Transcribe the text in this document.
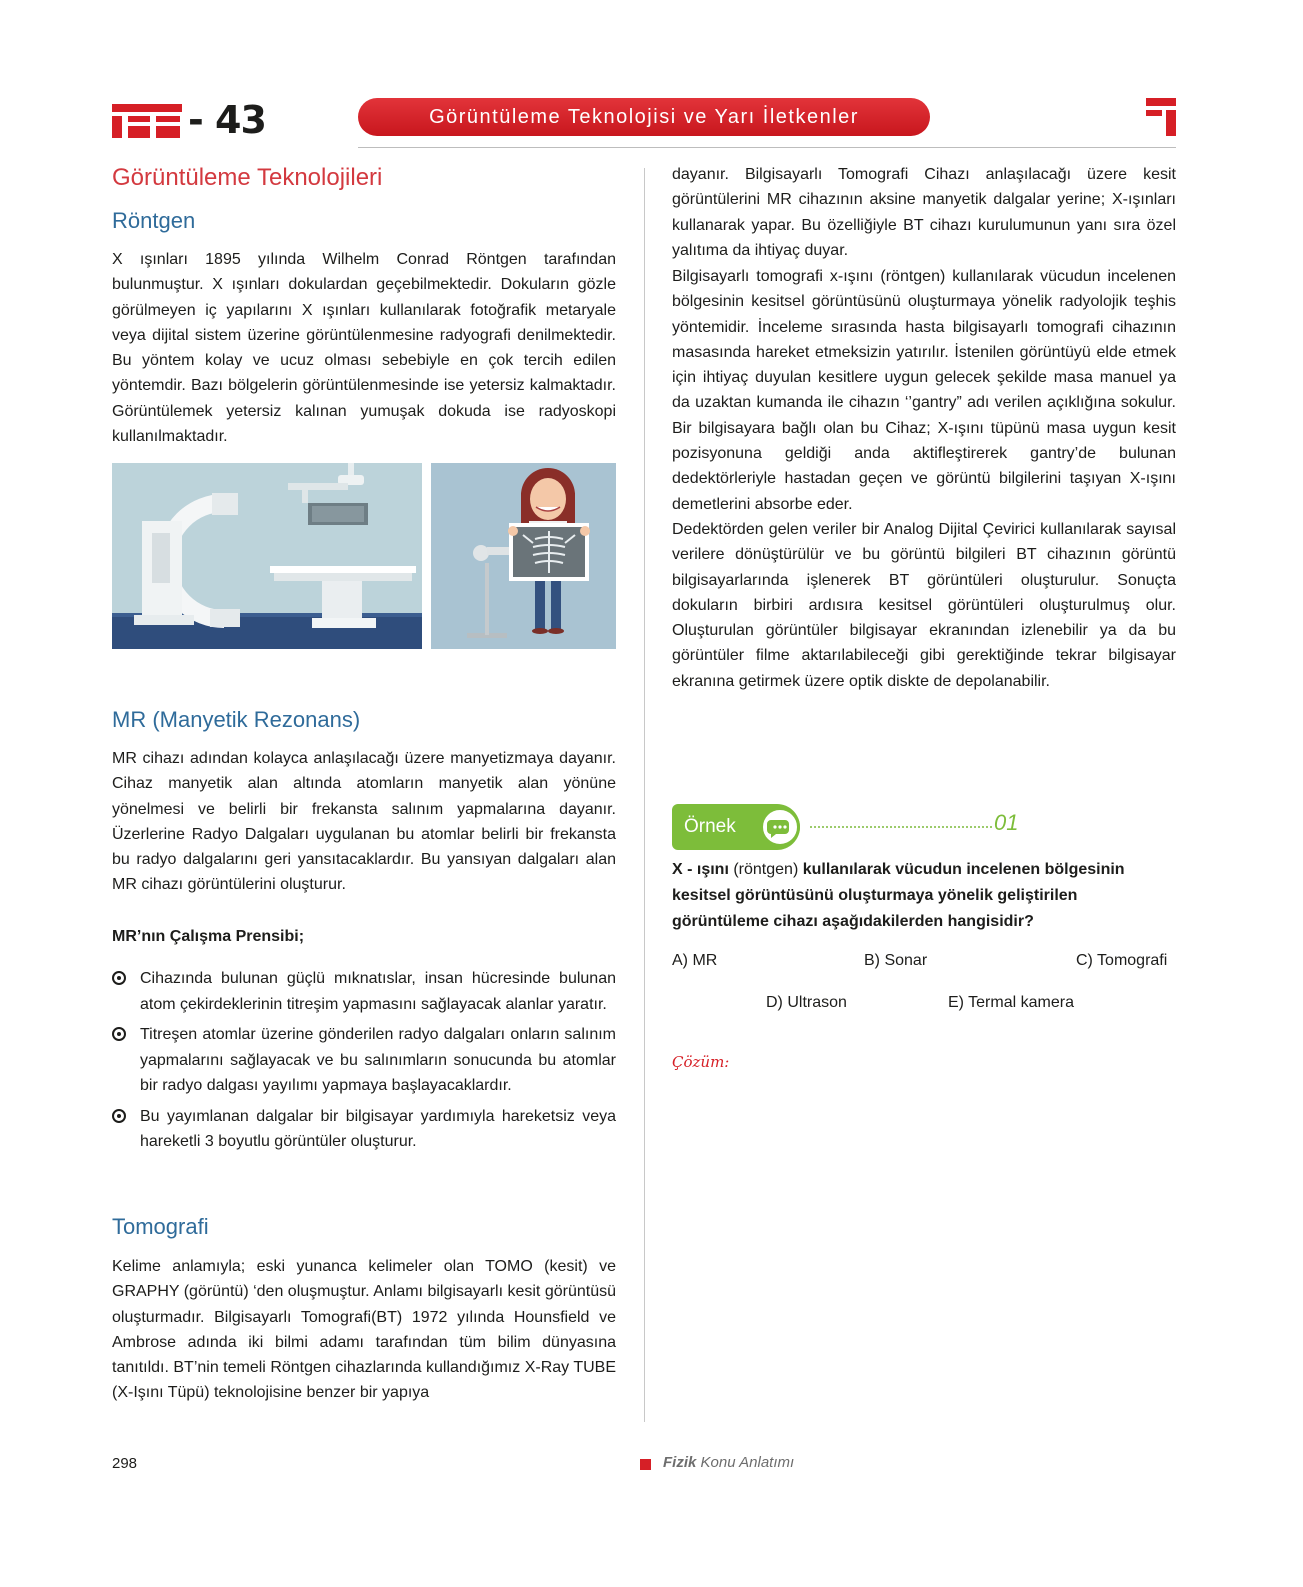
- 43	Görüntüleme Teknolojisi ve Yarı İletkenler
Görüntüleme Teknolojileri
Röntgen

X ışınları 1895 yılında Wilhelm Conrad Röntgen tarafından bulunmuştur. X ışınları dokulardan geçebilmektedir. Dokuların gözle görülmeyen iç yapılarını X ışınları kullanılarak fotoğrafik metaryale veya dijital sistem üzerine görüntülenmesine radyografi denilmektedir. Bu yöntem kolay ve ucuz olması sebebiyle en çok tercih edilen yöntemdir. Bazı bölgelerin görüntülenmesinde ise yetersiz kalmaktadır. Görüntülemek yetersiz kalınan yumuşak dokuda ise radyoskopi kullanılmaktadır.

MR (Manyetik Rezonans)

MR cihazı adından kolayca anlaşılacağı üzere manyetizmaya dayanır. Cihaz manyetik alan altında atomların manyetik alan yönüne yönelmesi ve belirli bir frekansta salınım yapmalarına dayanır. Üzerlerine Radyo Dalgaları uygulanan bu atomlar belirli bir frekansta bu radyo dalgalarını geri yansıtacaklardır. Bu yansıyan dalgaları alan MR cihazı görüntülerini oluşturur.

MR’nın Çalışma Prensibi;
Cihazında bulunan güçlü mıknatıslar, insan hücresinde bulunan atom çekirdeklerinin titreşim yapmasını sağlayacak alanlar yaratır.
Titreşen atomlar üzerine gönderilen radyo dalgaları onların salınım yapmalarını sağlayacak ve bu salınımların sonucunda bu atomlar bir radyo dalgası yayılımı yapmaya başlayacaklardır.
Bu yayımlanan dalgalar bir bilgisayar yardımıyla hareketsiz veya hareketli 3 boyutlu görüntüler oluşturur.
Tomografi

Kelime anlamıyla; eski yunanca kelimeler olan TOMO (kesit) ve GRAPHY (görüntü) ‘den oluşmuştur. Anlamı bilgisayarlı kesit görüntüsü oluşturmadır. Bilgisayarlı Tomografi(BT) 1972 yılında Hounsfield ve Ambrose adında iki bilmi adamı tarafından tüm bilim dünyasına tanıtıldı. BT’nin temeli Röntgen cihazlarında kullandığımız X-Ray TUBE (X-Işını Tüpü) teknolojisine benzer bir yapıya

dayanır. Bilgisayarlı Tomografi Cihazı anlaşılacağı üzere kesit görüntülerini MR cihazının aksine manyetik dalgalar yerine; X-ışınları kullanarak yapar. Bu özelliğiyle BT cihazı kurulumunun yanı sıra özel yalıtıma da ihtiyaç duyar.

Bilgisayarlı tomografi x-ışını (röntgen) kullanılarak vücudun incelenen bölgesinin kesitsel görüntüsünü oluşturmaya yönelik radyolojik teşhis yöntemidir. İnceleme sırasında hasta bilgisayarlı tomografi cihazının masasında hareket etmeksizin yatırılır. İstenilen görüntüyü elde etmek için ihtiyaç duyulan kesitlere uygun gelecek şekilde masa manuel ya da uzaktan kumanda ile cihazın ‘’gantry” adı verilen açıklığına sokulur. Bir bilgisayara bağlı olan bu Cihaz; X-ışını tüpünü masa uygun kesit pozisyonuna geldiği anda aktifleştirerek gantry’de bulunan dedektörleriyle hastadan geçen ve görüntü bilgilerini taşıyan X-ışını demetlerini absorbe eder.

Dedektörden gelen veriler bir Analog Dijital Çevirici kullanılarak sayısal verilere dönüştürülür ve bu görüntü bilgileri BT cihazının görüntü bilgisayarlarında işlenerek BT görüntüleri oluşturulur. Sonuçta dokuların birbiri ardısıra kesitsel görüntüleri oluşturulmuş olur. Oluşturulan görüntüler bilgisayar ekranından izlenebilir ya da bu görüntüler filme aktarılabileceği gibi gerektiğinde tekrar bilgisayar ekranına getirmek üzere optik diskte de depolanabilir.

Örnek	01
X - ışını (röntgen) kullanılarak vücudun incelenen bölgesinin kesitsel görüntüsünü oluşturmaya yönelik geliştirilen görüntüleme cihazı aşağıdakilerden hangisidir?
A) MR	B) Sonar	C) Tomografi
D) Ultrason	E) Termal kamera
Çözüm:
298	Fizik Konu Anlatımı
